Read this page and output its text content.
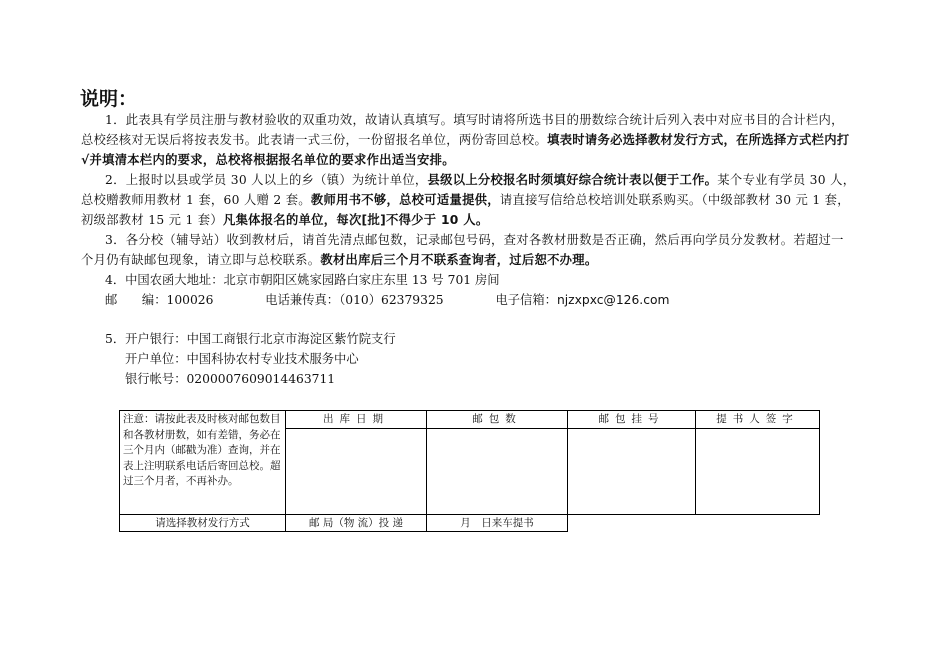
说明：
1．此表具有学员注册与教材验收的双重功效，故请认真填写。填写时请将所选书目的册数综合统计后列入表中对应书目的合计栏内，总校经核对无误后将按表发书。此表请一式三份，一份留报名单位，两份寄回总校。填表时请务必选择教材发行方式，在所选择方式栏内打√并填清本栏内的要求，总校将根据报名单位的要求作出适当安排。
2．上报时以县或学员 30 人以上的乡（镇）为统计单位，县级以上分校报名时须填好综合统计表以便于工作。某个专业有学员 30 人，总校赠教师用教材 1 套，60 人赠 2 套。教师用书不够，总校可适量提供，请直接写信给总校培训处联系购买。（中级部教材 30 元 1 套，初级部教材 15 元 1 套）凡集体报名的单位，每次[批]不得少于 10 人。
3．各分校（辅导站）收到教材后，请首先清点邮包数，记录邮包号码，查对各教材册数是否正确，然后再向学员分发教材。若超过一个月仍有缺邮包现象，请立即与总校联系。教材出库后三个月不联系查询者，过后恕不办理。
4．中国农函大地址：北京市朝阳区姚家园路白家庄东里 13 号 701 房间
邮　　编：100026	电话兼传真：（010）62379325	电子信箱：njzxpxc@126.com
5．开户银行：中国工商银行北京市海淀区紫竹院支行
开户单位：中国科协农村专业技术服务中心
银行帐号：0200007609014463711
注意：请按此表及时核对邮包数目和各教材册数，如有差错，务必在三个月内（邮戳为准）查询，并在表上注明联系电话后寄回总校。超过三个月者，不再补办。	出库日期	邮包数	邮包挂号	提书人签字

请选择教材发行方式	邮 局（物 流）投 递	月　日来车提书		
